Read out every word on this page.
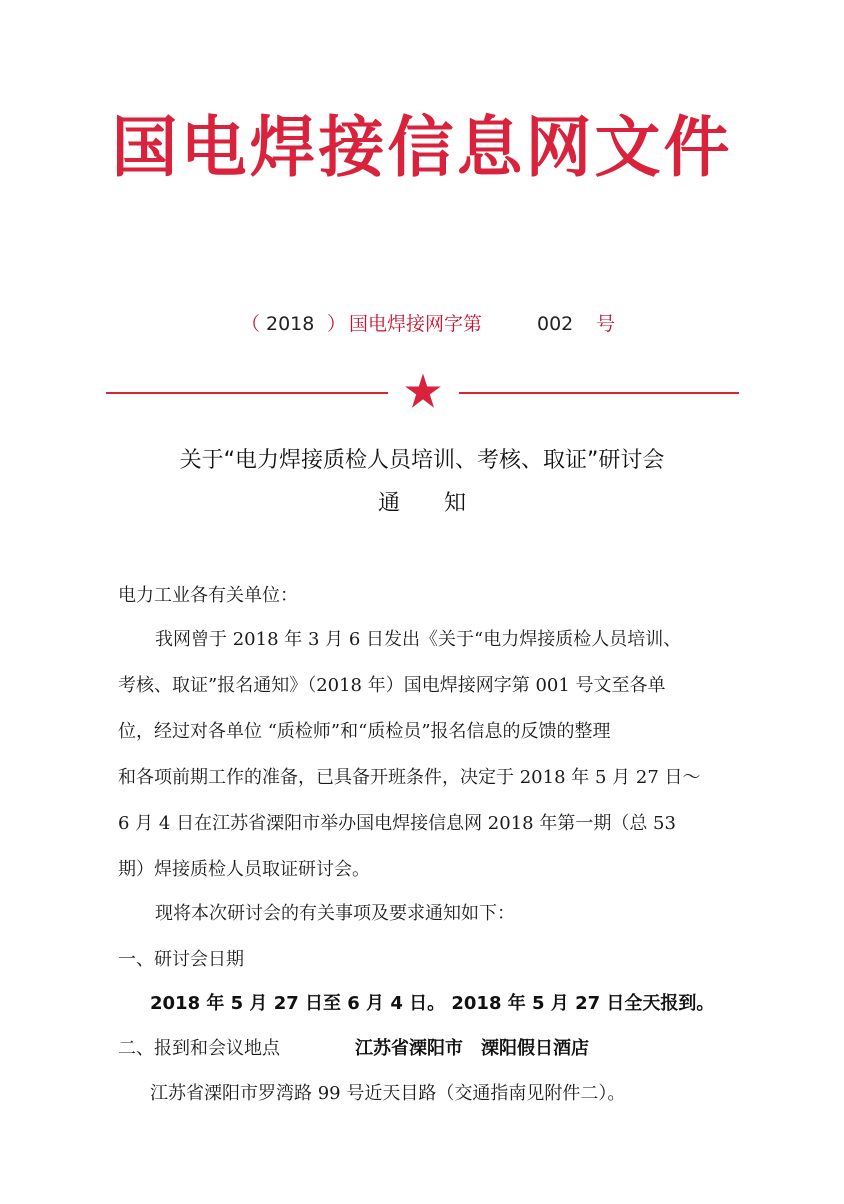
国电焊接信息网文件
（ 2018 ） 国电焊接网字第	002 号
关于“电力焊接质检人员培训、考核、取证”研讨会
通　　知
电力工业各有关单位：
我网曾于 2018 年 3 月 6 日发出《关于“电力焊接质检人员培训、
考核、取证”报名通知》（2018 年）国电焊接网字第 001 号文至各单
位，经过对各单位 “质检师”和“质检员”报名信息的反馈的整理
和各项前期工作的准备，已具备开班条件，决定于 2018 年 5 月 27 日～
6 月 4 日在江苏省溧阳市举办国电焊接信息网 2018 年第一期（总 53
期）焊接质检人员取证研讨会。
现将本次研讨会的有关事项及要求通知如下：
一、研讨会日期
2018 年 5 月 27 日至 6 月 4 日。 2018 年 5 月 27 日全天报到。
二、报到和会议地点	江苏省溧阳市　溧阳假日酒店
江苏省溧阳市罗湾路 99 号近天目路（交通指南见附件二）。
